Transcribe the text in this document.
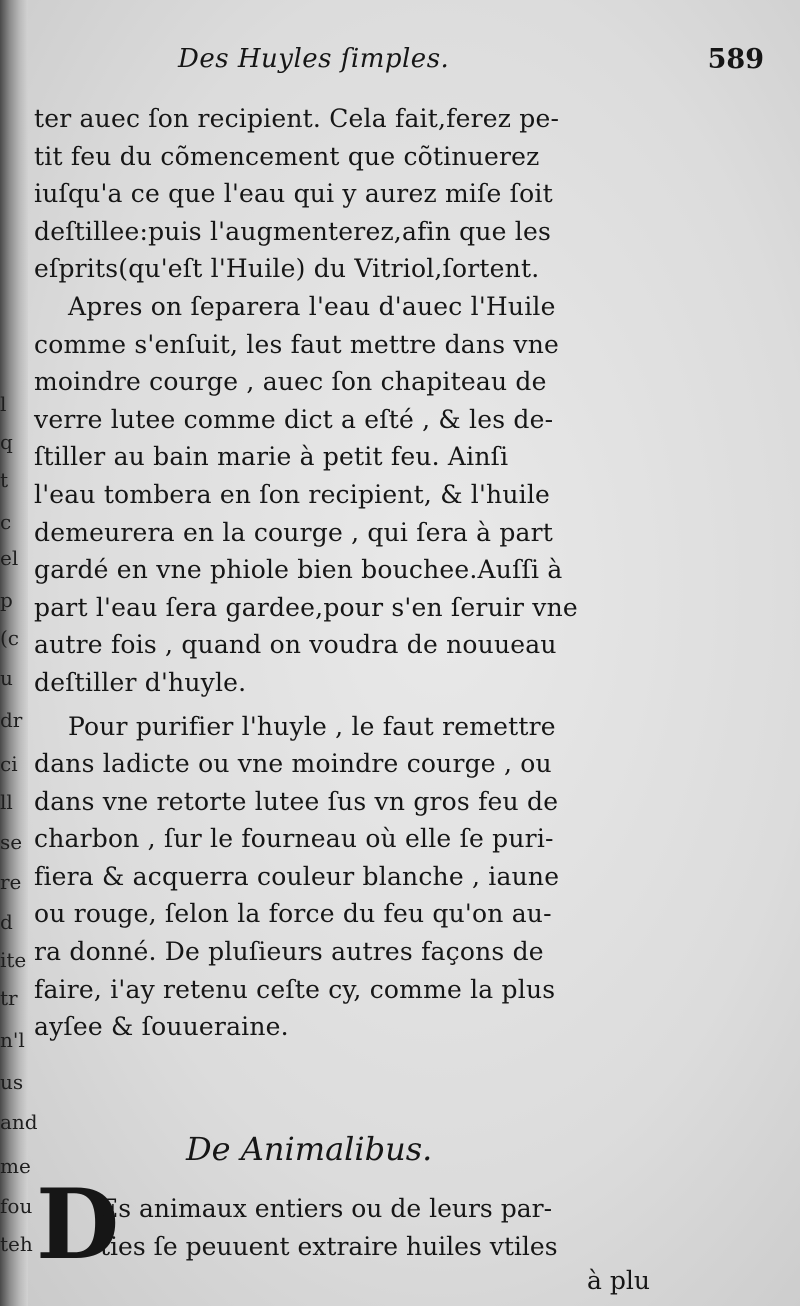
l
q
t
c
el
p
(c
u
dr
ci
ll
se
re
d
ite
tr
n'l
us
and
me
fou
teh
Des Huyles ſimples.	589
ter auec ſon recipient. Cela fait,ferez pe-
tit feu du cõmencement que cõtinuerez
iuſqu'a ce que l'eau qui y aurez miſe ſoit
deſtillee:puis l'augmenterez,afin que les
eſprits(qu'eſt l'Huile) du Vitriol,ſortent.
Apres on ſeparera l'eau d'auec l'Huile
comme s'enſuit, les faut mettre dans vne
moindre courge , auec ſon chapiteau de
verre lutee comme dict a eſté , & les de-
ſtiller au bain marie à petit feu. Ainſi
l'eau tombera en ſon recipient, & l'huile
demeurera en la courge , qui ſera à part
gardé en vne phiole bien bouchee.Auſſi à
part l'eau ſera gardee,pour s'en ſeruir vne
autre fois , quand on voudra de nouueau
deſtiller d'huyle.
Pour purifier l'huyle , le faut remettre
dans ladicte ou vne moindre courge , ou
dans vne retorte lutee ſus vn gros feu de
charbon , ſur le fourneau où elle ſe puri-
fiera & acquerra couleur blanche , iaune
ou rouge, ſelon la force du feu qu'on au-
ra donné. De pluſieurs autres façons de
faire, i'ay retenu ceſte cy, comme la plus
ayſee & ſouueraine.
De Animalibus.
D
Es animaux entiers ou de leurs par-
ties ſe peuuent extraire huiles vtiles
à plu
